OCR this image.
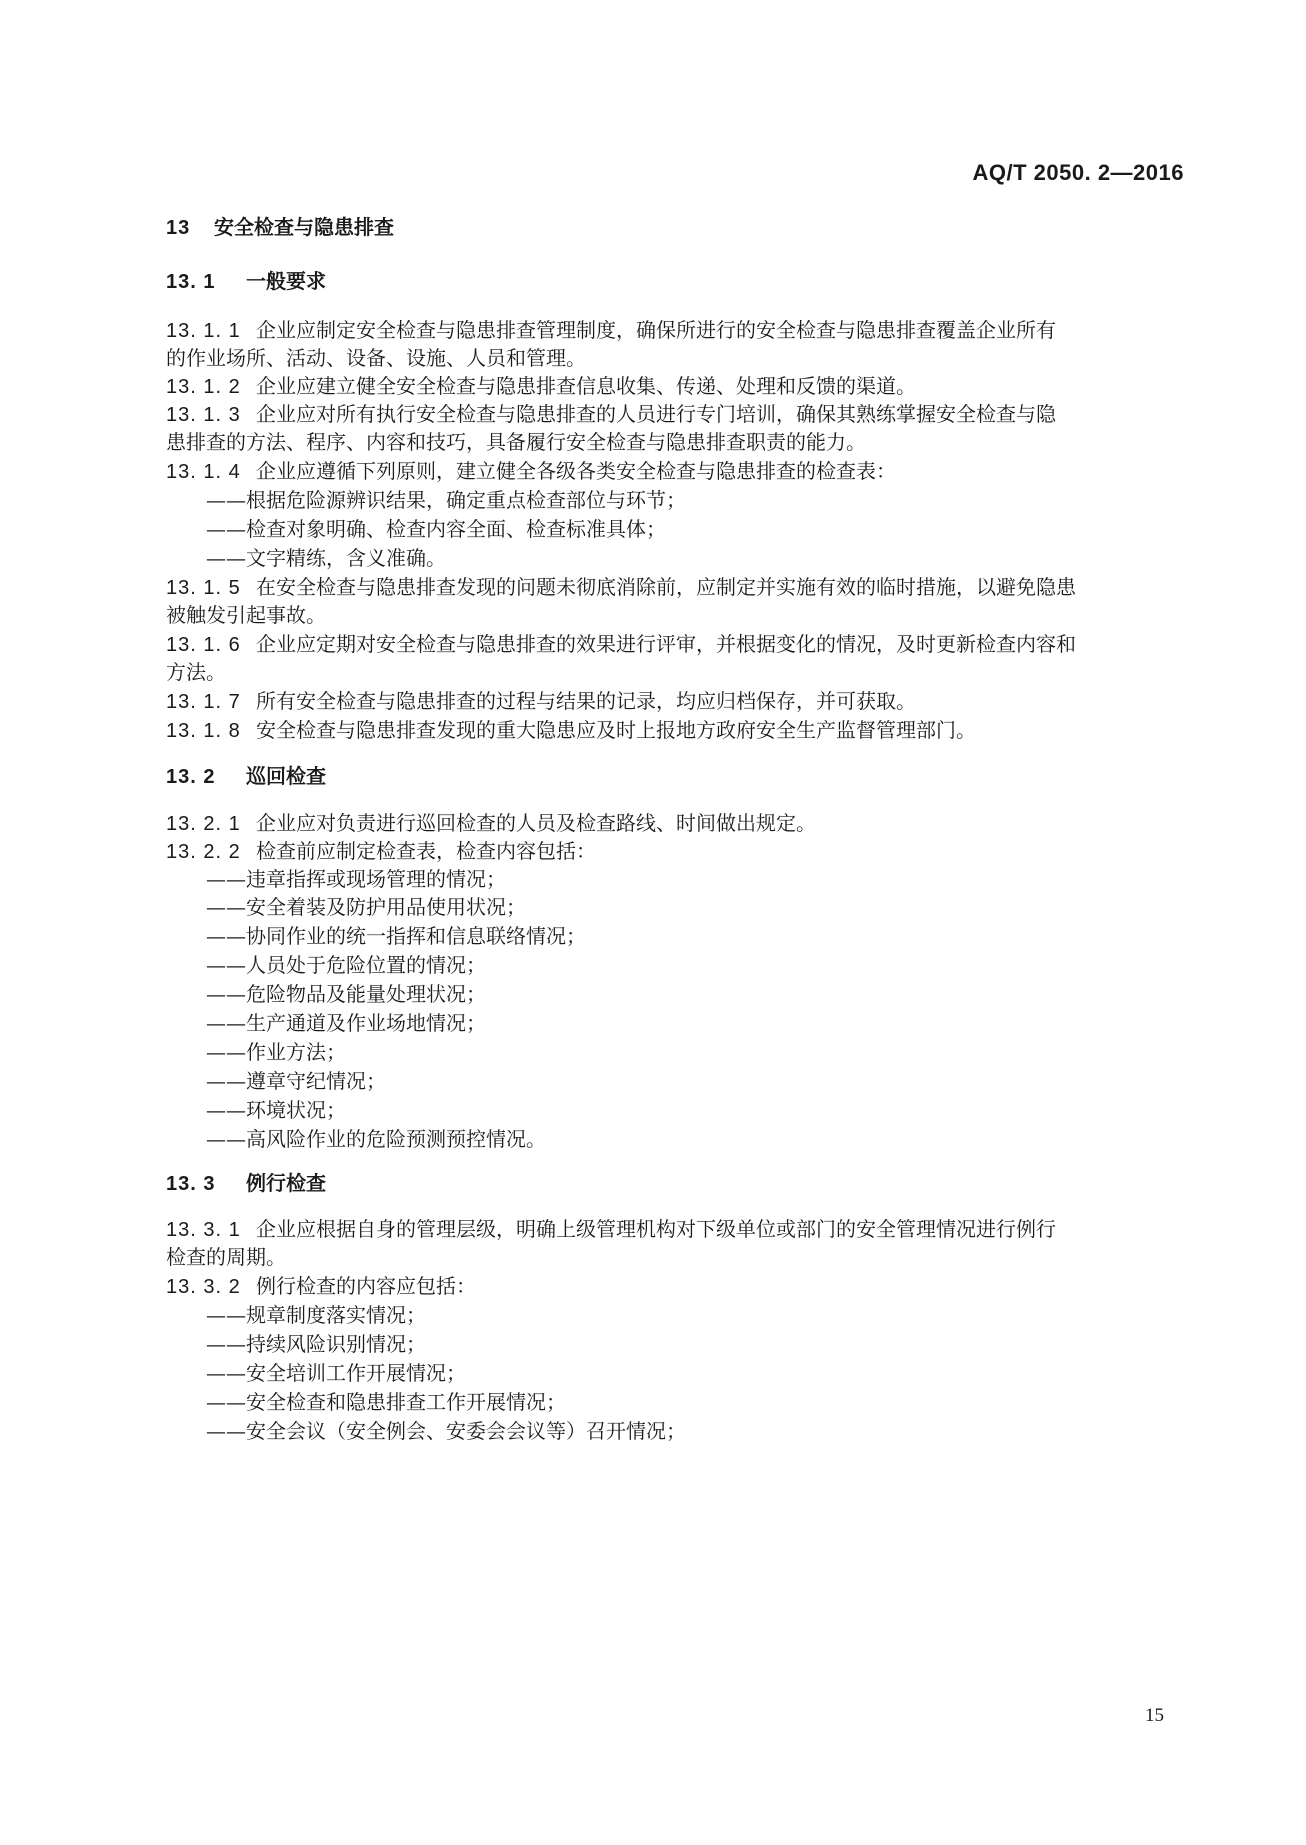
AQ/T 2050. 2—2016
13 安全检查与隐患排查
13. 1 一般要求
13. 1. 1 企业应制定安全检查与隐患排查管理制度，确保所进行的安全检查与隐患排查覆盖企业所有
的作业场所、活动、设备、设施、人员和管理。
13. 1. 2 企业应建立健全安全检查与隐患排查信息收集、传递、处理和反馈的渠道。
13. 1. 3 企业应对所有执行安全检查与隐患排查的人员进行专门培训，确保其熟练掌握安全检查与隐
患排查的方法、程序、内容和技巧，具备履行安全检查与隐患排查职责的能力。
13. 1. 4 企业应遵循下列原则，建立健全各级各类安全检查与隐患排查的检查表：
——根据危险源辨识结果，确定重点检查部位与环节；
——检查对象明确、检查内容全面、检查标准具体；
——文字精练，含义准确。
13. 1. 5 在安全检查与隐患排查发现的问题未彻底消除前，应制定并实施有效的临时措施，以避免隐患
被触发引起事故。
13. 1. 6 企业应定期对安全检查与隐患排查的效果进行评审，并根据变化的情况，及时更新检查内容和
方法。
13. 1. 7 所有安全检查与隐患排查的过程与结果的记录，均应归档保存，并可获取。
13. 1. 8 安全检查与隐患排查发现的重大隐患应及时上报地方政府安全生产监督管理部门。
13. 2 巡回检查
13. 2. 1 企业应对负责进行巡回检查的人员及检查路线、时间做出规定。
13. 2. 2 检查前应制定检查表，检查内容包括：
——违章指挥或现场管理的情况；
——安全着装及防护用品使用状况；
——协同作业的统一指挥和信息联络情况；
——人员处于危险位置的情况；
——危险物品及能量处理状况；
——生产通道及作业场地情况；
——作业方法；
——遵章守纪情况；
——环境状况；
——高风险作业的危险预测预控情况。
13. 3 例行检查
13. 3. 1 企业应根据自身的管理层级，明确上级管理机构对下级单位或部门的安全管理情况进行例行
检查的周期。
13. 3. 2 例行检查的内容应包括：
——规章制度落实情况；
——持续风险识别情况；
——安全培训工作开展情况；
——安全检查和隐患排查工作开展情况；
——安全会议（安全例会、安委会会议等）召开情况；
15
